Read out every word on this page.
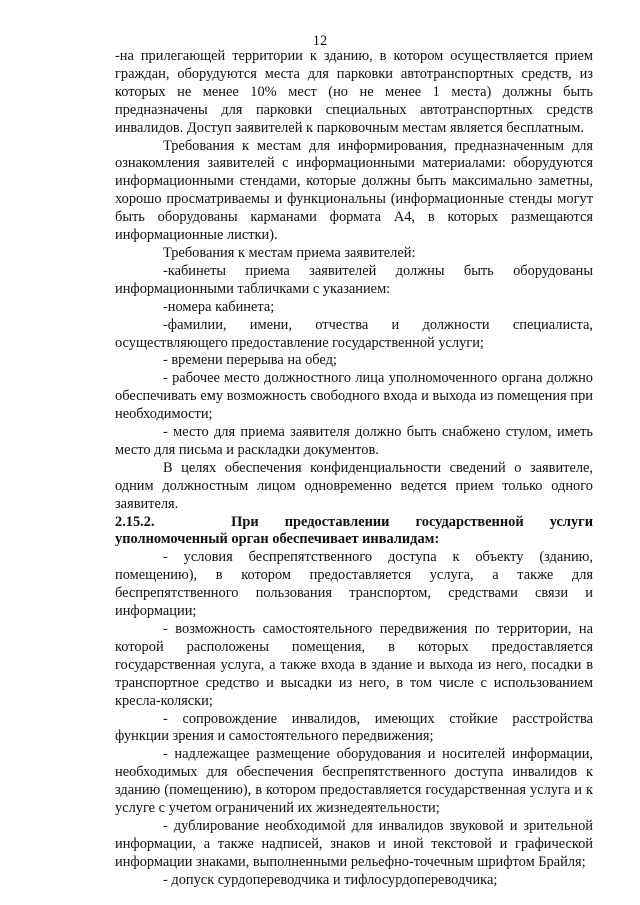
12

-на прилегающей территории к зданию, в котором осуществляется прием граждан, оборудуются места для парковки автотранспортных средств, из которых не менее 10% мест (но не менее 1 места) должны быть предназначены для парковки специальных автотранспортных средств инвалидов. Доступ заявителей к парковочным местам является бесплатным.

Требования к местам для информирования, предназначенным для ознакомления заявителей с информационными материалами: оборудуются информационными стендами, которые должны быть максимально заметны, хорошо просматриваемы и функциональны (информационные стенды могут быть оборудованы карманами формата А4, в которых размещаются информационные листки).

Требования к местам приема заявителей:

-кабинеты приема заявителей должны быть оборудованы информационными табличками с указанием:

-номера кабинета;

-фамилии, имени, отчества и должности специалиста, осуществляющего предоставление государственной услуги;

- времени перерыва на обед;

- рабочее место должностного лица уполномоченного органа должно обеспечивать ему возможность свободного входа и выхода из помещения при необходимости;

- место для приема заявителя должно быть снабжено стулом, иметь место для письма и раскладки документов.

В целях обеспечения конфиденциальности сведений о заявителе, одним должностным лицом одновременно ведется прием только одного заявителя.

2.15.2.	При предоставлении государственной услуги уполномоченный орган обеспечивает инвалидам:

- условия беспрепятственного доступа к объекту (зданию, помещению), в котором предоставляется услуга, а также для беспрепятственного пользования транспортом, средствами связи и информации;

- возможность самостоятельного передвижения по территории, на которой расположены помещения, в которых предоставляется государственная услуга, а также входа в здание и выхода из него, посадки в транспортное средство и высадки из него, в том числе с использованием кресла-коляски;

- сопровождение инвалидов, имеющих стойкие расстройства функции зрения и самостоятельного передвижения;

- надлежащее размещение оборудования и носителей информации, необходимых для обеспечения беспрепятственного доступа инвалидов к зданию (помещению), в котором предоставляется государственная услуга и к услуге с учетом ограничений их жизнедеятельности;

- дублирование необходимой для инвалидов звуковой и зрительной информации, а также надписей, знаков и иной текстовой и графической информации знаками, выполненными рельефно-точечным шрифтом Брайля;

- допуск сурдопереводчика и тифлосурдопереводчика;
